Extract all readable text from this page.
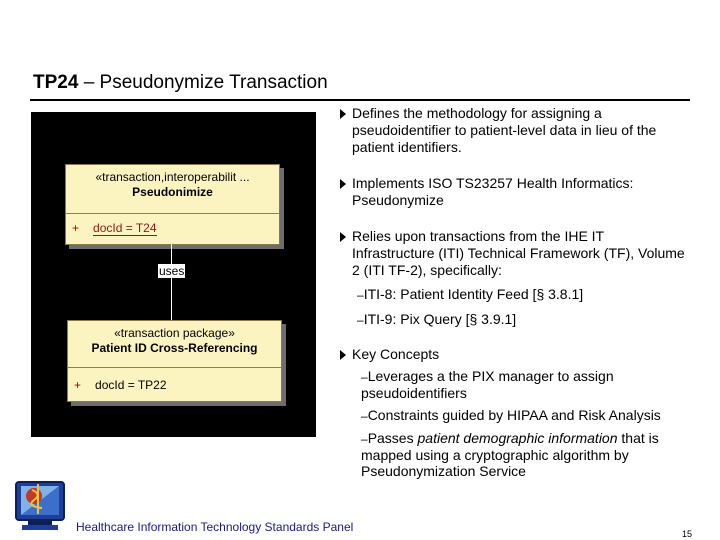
TP24 – Pseudonymize Transaction
«transaction,interoperabilit ...
Pseudonimize
+ docId = T24
uses
«transaction package»
Patient ID Cross-Referencing
+ docId = TP22
Defines the methodology for assigning a pseudoidentifier to patient-level data in lieu of the patient identifiers.
Implements ISO TS23257 Health Informatics: Pseudonymize
Relies upon transactions from the IHE IT Infrastructure (ITI) Technical Framework (TF), Volume 2 (ITI TF-2), specifically:
–ITI-8: Patient Identity Feed [§ 3.8.1]
–ITI-9: Pix Query [§ 3.9.1]
Key Concepts
–Leverages a the PIX manager to assign pseudoidentifiers
–Constraints guided by HIPAA and Risk Analysis
–Passes patient demographic information that is mapped using a cryptographic algorithm by Pseudonymization Service
Healthcare Information Technology Standards Panel	15
